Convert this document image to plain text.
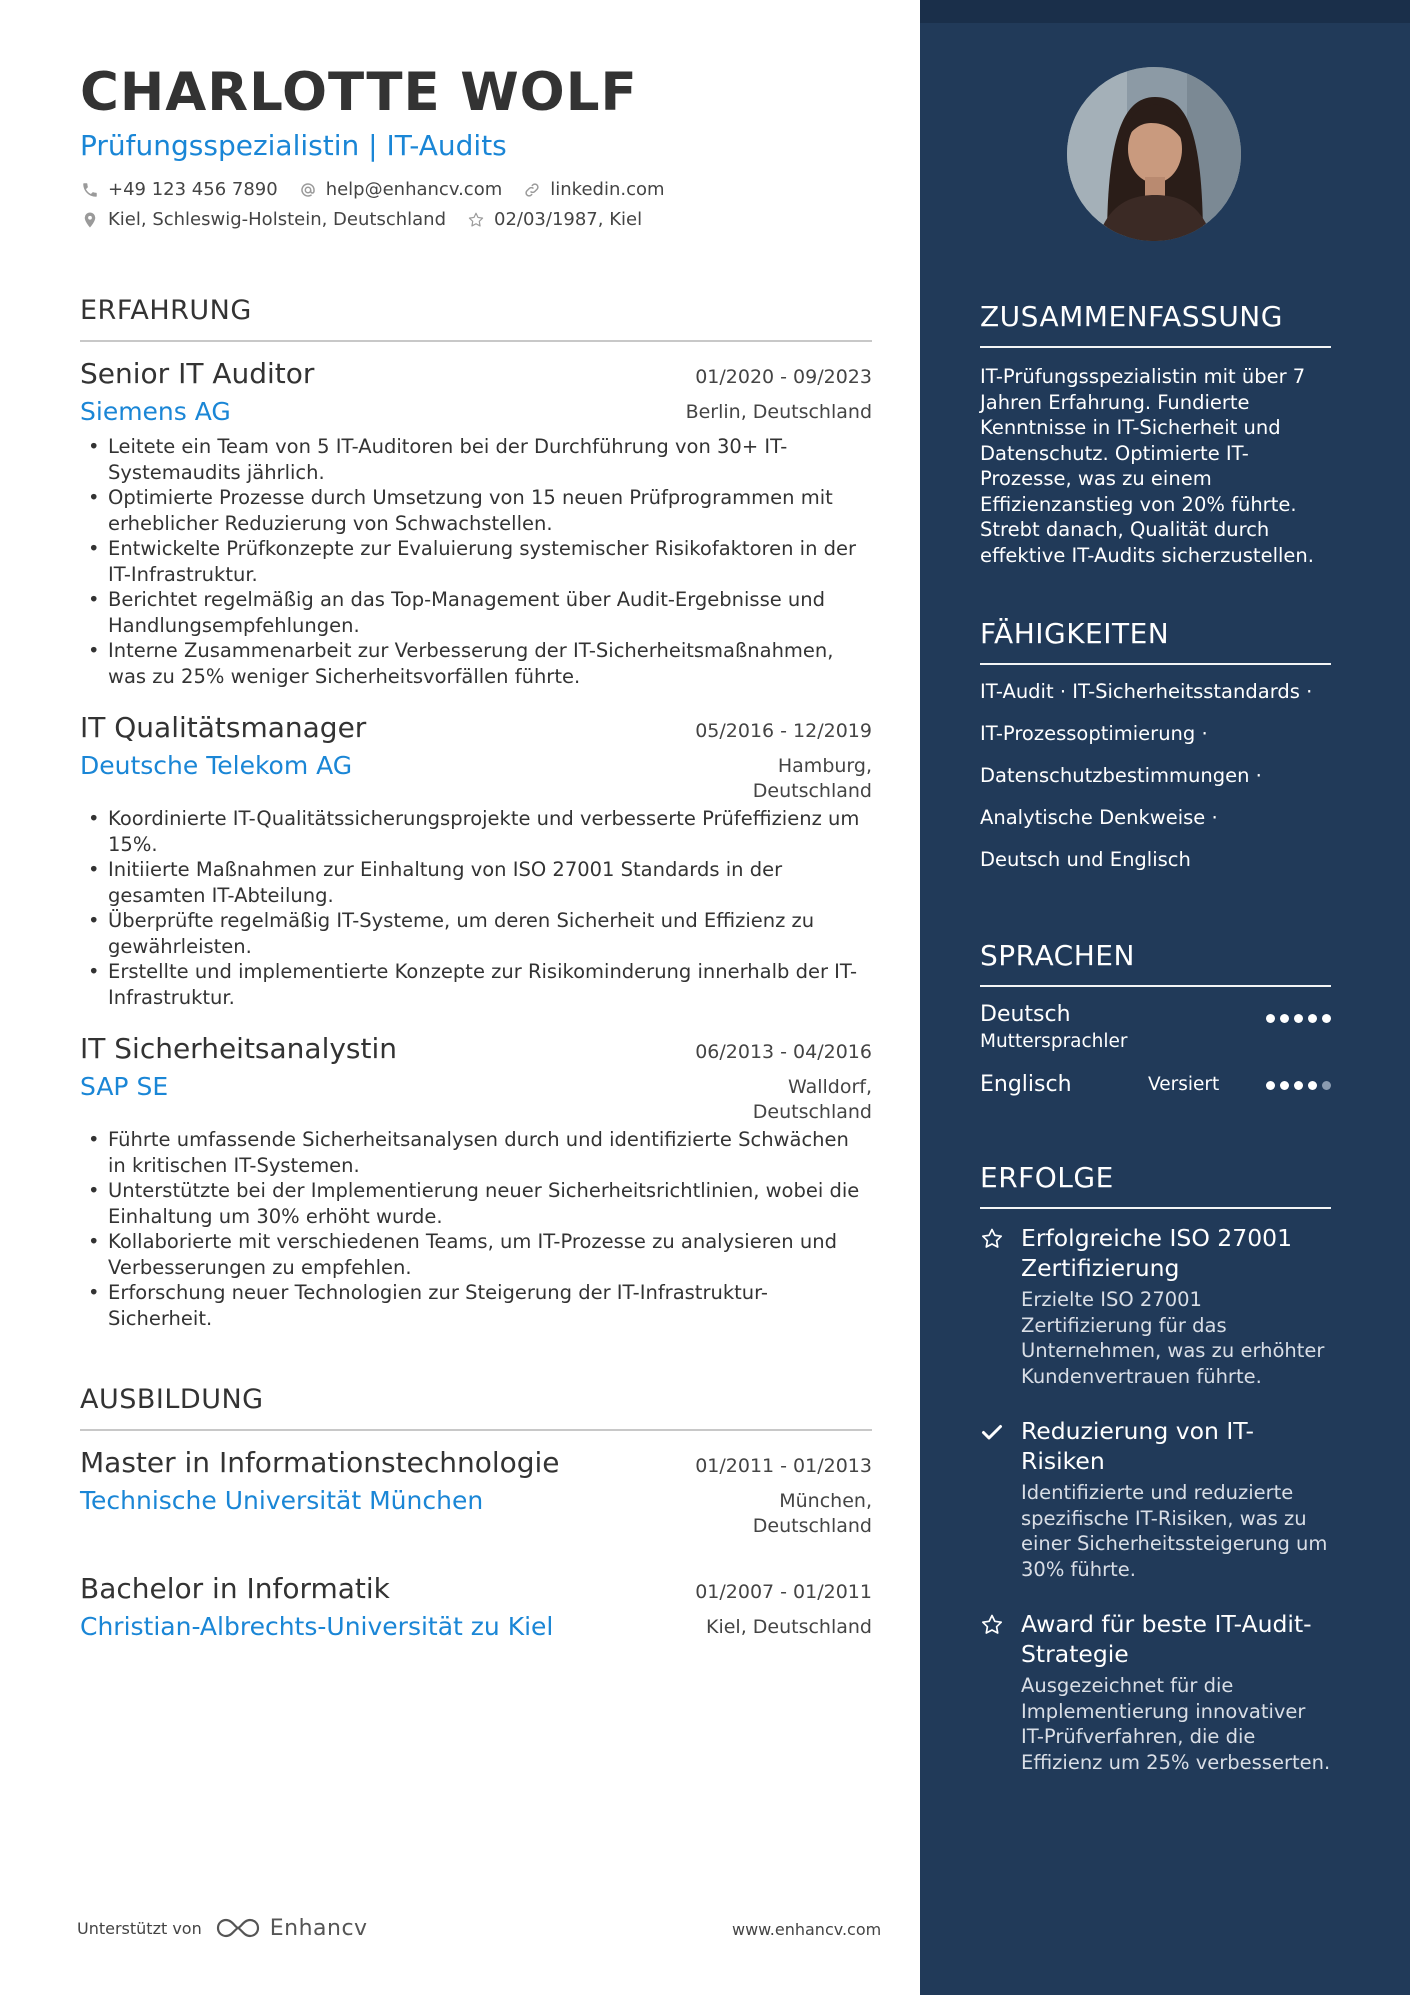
CHARLOTTE WOLF
Prüfungsspezialistin | IT-Audits
+49 123 456 7890	help@enhancv.com	linkedin.com
Kiel, Schleswig-Holstein, Deutschland	02/03/1987, Kiel
ERFAHRUNG
Senior IT Auditor	01/2020 - 09/2023
Siemens AG	Berlin, Deutschland
• Leitete ein Team von 5 IT-Auditoren bei der Durchführung von 30+ IT-Systemaudits jährlich.
• Optimierte Prozesse durch Umsetzung von 15 neuen Prüfprogrammen mit erheblicher Reduzierung von Schwachstellen.
• Entwickelte Prüfkonzepte zur Evaluierung systemischer Risikofaktoren in der IT-Infrastruktur.
• Berichtet regelmäßig an das Top-Management über Audit-Ergebnisse und Handlungsempfehlungen.
• Interne Zusammenarbeit zur Verbesserung der IT-Sicherheitsmaßnahmen, was zu 25% weniger Sicherheitsvorfällen führte.
IT Qualitätsmanager	05/2016 - 12/2019
Deutsche Telekom AG	Hamburg,
Deutschland
• Koordinierte IT-Qualitätssicherungsprojekte und verbesserte Prüfeffizienz um 15%.
• Initiierte Maßnahmen zur Einhaltung von ISO 27001 Standards in der gesamten IT-Abteilung.
• Überprüfte regelmäßig IT-Systeme, um deren Sicherheit und Effizienz zu gewährleisten.
• Erstellte und implementierte Konzepte zur Risikominderung innerhalb der IT-Infrastruktur.
IT Sicherheitsanalystin	06/2013 - 04/2016
SAP SE	Walldorf,
Deutschland
• Führte umfassende Sicherheitsanalysen durch und identifizierte Schwächen in kritischen IT-Systemen.
• Unterstützte bei der Implementierung neuer Sicherheitsrichtlinien, wobei die Einhaltung um 30% erhöht wurde.
• Kollaborierte mit verschiedenen Teams, um IT-Prozesse zu analysieren und Verbesserungen zu empfehlen.
• Erforschung neuer Technologien zur Steigerung der IT-Infrastruktur-Sicherheit.
AUSBILDUNG
Master in Informationstechnologie	01/2011 - 01/2013
Technische Universität München	München,
Deutschland
Bachelor in Informatik	01/2007 - 01/2011
Christian-Albrechts-Universität zu Kiel	Kiel, Deutschland
ZUSAMMENFASSUNG
IT-Prüfungsspezialistin mit über 7 Jahren Erfahrung. Fundierte Kenntnisse in IT-Sicherheit und Datenschutz. Optimierte IT-Prozesse, was zu einem Effizienzanstieg von 20% führte. Strebt danach, Qualität durch effektive IT-Audits sicherzustellen.
FÄHIGKEITEN
IT-Audit · IT-Sicherheitsstandards ·
IT-Prozessoptimierung ·
Datenschutzbestimmungen ·
Analytische Denkweise ·
Deutsch und Englisch
SPRACHEN
Deutsch
Muttersprachler
Englisch	Versiert
ERFOLGE
Erfolgreiche ISO 27001 Zertifizierung
Erzielte ISO 27001 Zertifizierung für das Unternehmen, was zu erhöhter Kundenvertrauen führte.
Reduzierung von IT-Risiken
Identifizierte und reduzierte spezifische IT-Risiken, was zu einer Sicherheitssteigerung um 30% führte.
Award für beste IT-Audit-Strategie
Ausgezeichnet für die Implementierung innovativer IT-Prüfverfahren, die die Effizienz um 25% verbesserten.
Unterstützt von	Enhancv	www.enhancv.com
